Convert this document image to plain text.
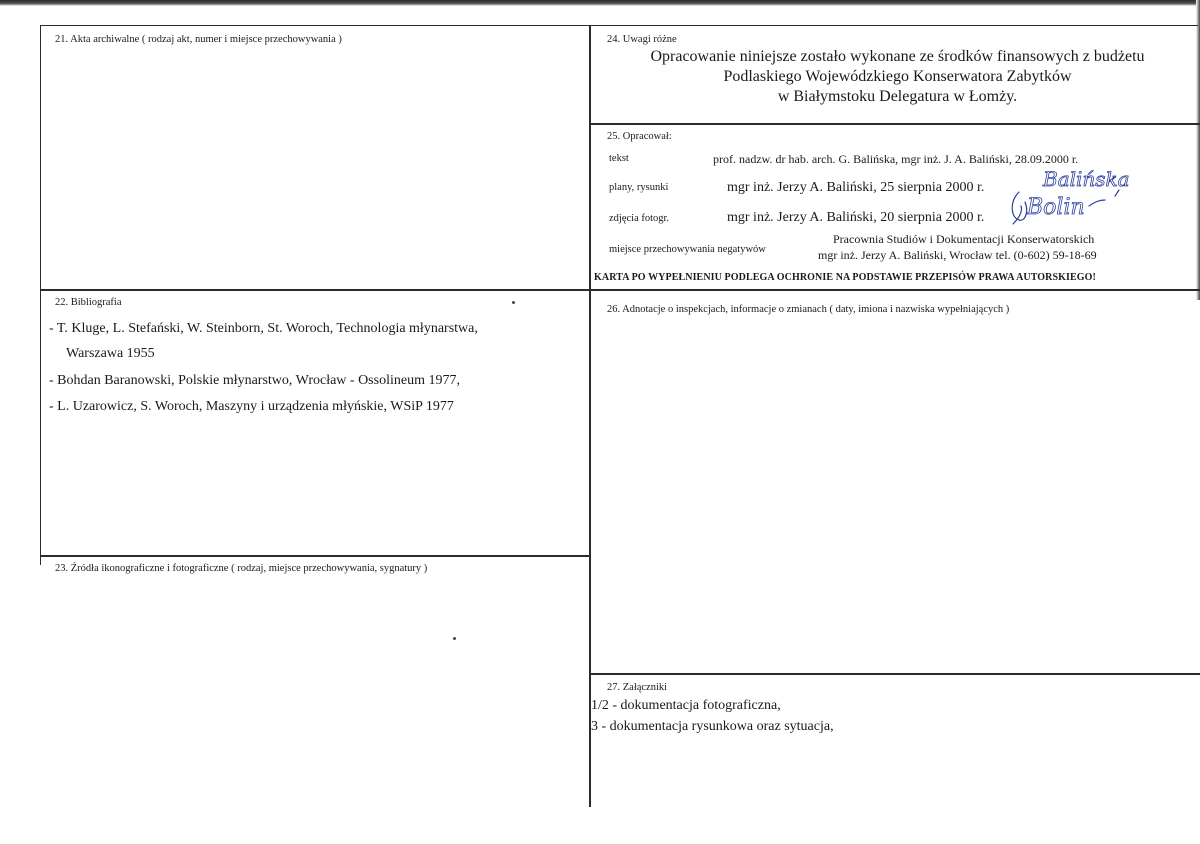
21. Akta archiwalne ( rodzaj akt, numer i miejsce przechowywania )
22. Bibliografia
- T. Kluge, L. Stefański, W. Steinborn, St. Woroch, Technologia młynarstwa,
Warszawa 1955
- Bohdan Baranowski, Polskie młynarstwo, Wrocław - Ossolineum 1977,
- L. Uzarowicz, S. Woroch, Maszyny i urządzenia młyńskie, WSiP 1977
23. Źródła ikonograficzne i fotograficzne ( rodzaj, miejsce przechowywania, sygnatury )
24. Uwagi różne
Opracowanie niniejsze zostało wykonane ze środków finansowych z budżetu
Podlaskiego Wojewódzkiego Konserwatora Zabytków
w Białymstoku Delegatura w Łomży.
25. Opracował:
tekst	prof. nadzw. dr hab. arch. G. Balińska, mgr inż. J. A. Baliński, 28.09.2000 r.
plany, rysunki	mgr inż. Jerzy A. Baliński, 25 sierpnia 2000 r.
zdjęcia fotogr.	mgr inż. Jerzy A. Baliński, 20 sierpnia 2000 r.
miejsce przechowywania negatywów
Pracownia Studiów i Dokumentacji Konserwatorskich
mgr inż. Jerzy A. Baliński, Wrocław tel. (0-602) 59-18-69
KARTA PO WYPEŁNIENIU PODLEGA OCHRONIE NA PODSTAWIE PRZEPISÓW PRAWA AUTORSKIEGO!
Balińska
Bolin
26. Adnotacje o inspekcjach, informacje o zmianach ( daty, imiona i nazwiska wypełniających )
27. Załączniki
1/2 - dokumentacja fotograficzna,
3 - dokumentacja rysunkowa oraz sytuacja,
